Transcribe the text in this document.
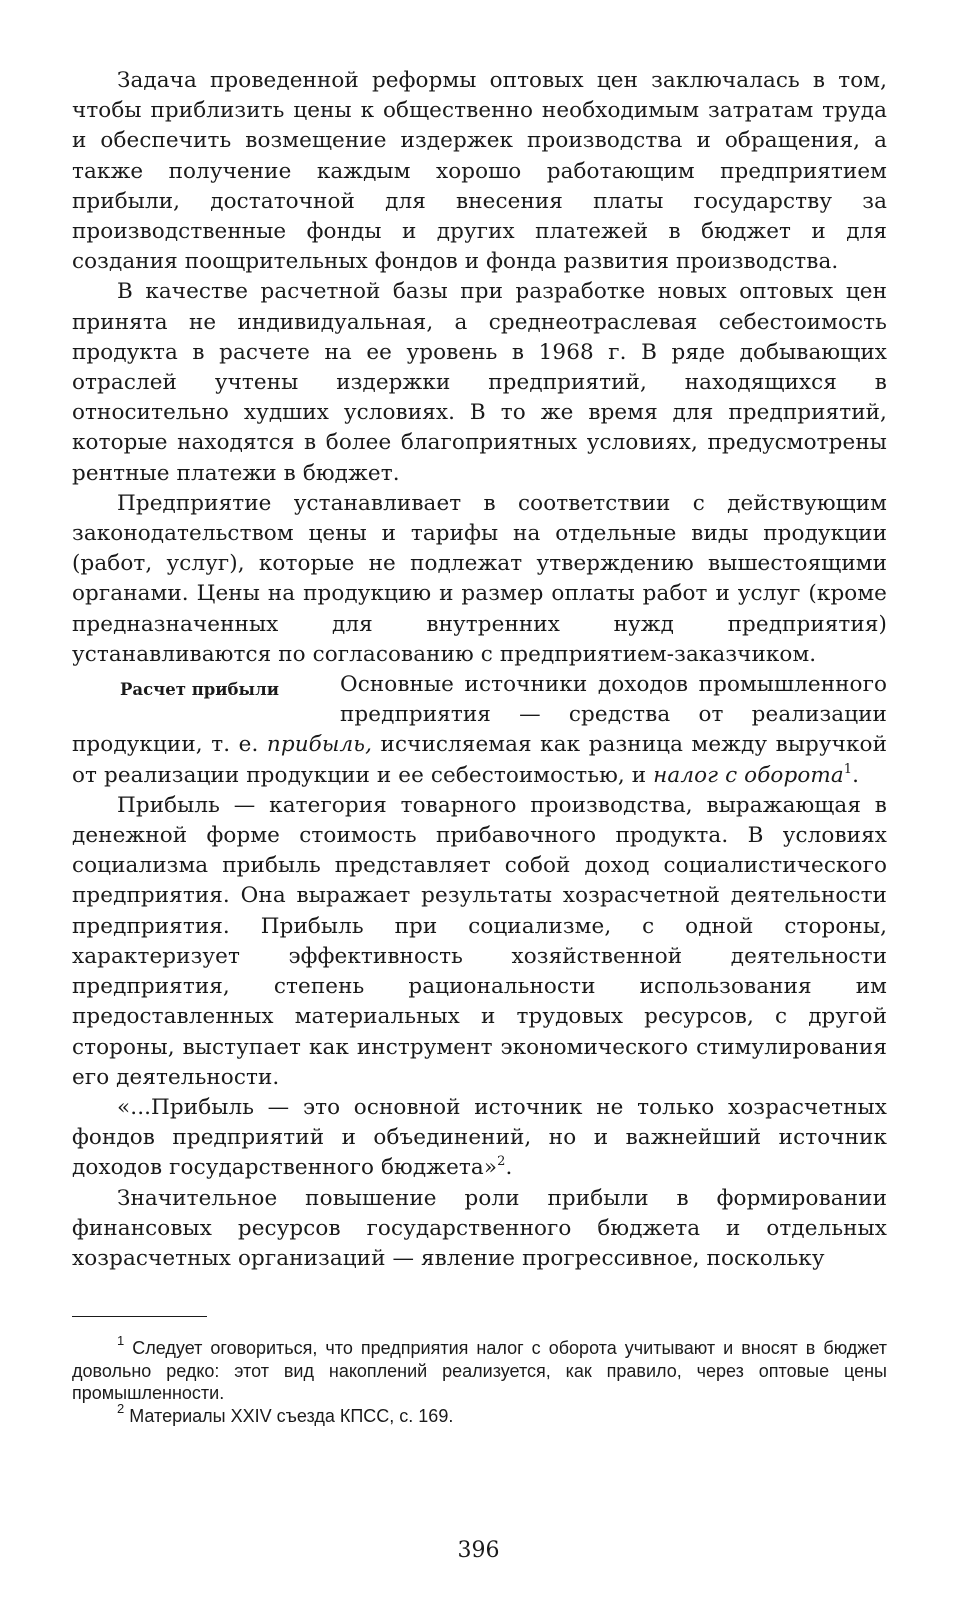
Задача проведенной реформы оптовых цен заключалась в том, чтобы приблизить цены к общественно необходимым затратам труда и обеспечить возмещение издержек производства и обращения, а также получение каждым хорошо работающим предприятием прибыли, достаточной для внесения платы государству за производственные фонды и других платежей в бюджет и для создания поощрительных фондов и фонда развития производства.

В качестве расчетной базы при разработке новых оптовых цен принята не индивидуальная, а среднеотраслевая себестоимость продукта в расчете на ее уровень в 1968 г. В ряде добывающих отраслей учтены издержки предприятий, находящихся в относительно худших условиях. В то же время для предприятий, которые находятся в более благоприятных условиях, предусмотрены рентные платежи в бюджет.

Предприятие устанавливает в соответствии с действующим законодательством цены и тарифы на отдельные виды продукции (работ, услуг), которые не подлежат утверждению вышестоящими органами. Цены на продукцию и размер оплаты работ и услуг (кроме предназначенных для внутренних нужд предприятия) устанавливаются по согласованию с предприятием-заказчиком.

Расчет прибыли	Основные источники доходов промышленного предприятия — средства от реализации продукции, т. е. прибыль, исчисляемая как разница между выручкой от реализации продукции и ее себестоимостью, и налог с оборота$^1$.

Прибыль — категория товарного производства, выражающая в денежной форме стоимость прибавочного продукта. В условиях социализма прибыль представляет собой доход социалистического предприятия. Она выражает результаты хозрасчетной деятельности предприятия. Прибыль при социализме, с одной стороны, характеризует эффективность хозяйственной деятельности предприятия, степень рациональности использования им предоставленных материальных и трудовых ресурсов, с другой стороны, выступает как инструмент экономического стимулирования его деятельности.

«...Прибыль — это основной источник не только хозрасчетных фондов предприятий и объединений, но и важнейший источник доходов государственного бюджета»$^2$.

Значительное повышение роли прибыли в формировании финансовых ресурсов государственного бюджета и отдельных хозрасчетных организаций — явление прогрессивное, поскольку

$^1$ Следует оговориться, что предприятия налог с оборота учитывают и вносят в бюджет довольно редко: этот вид накоплений реализуется, как правило, через оптовые цены промышленности.

$^2$ Материалы XXIV съезда КПСС, с. 169.

396
